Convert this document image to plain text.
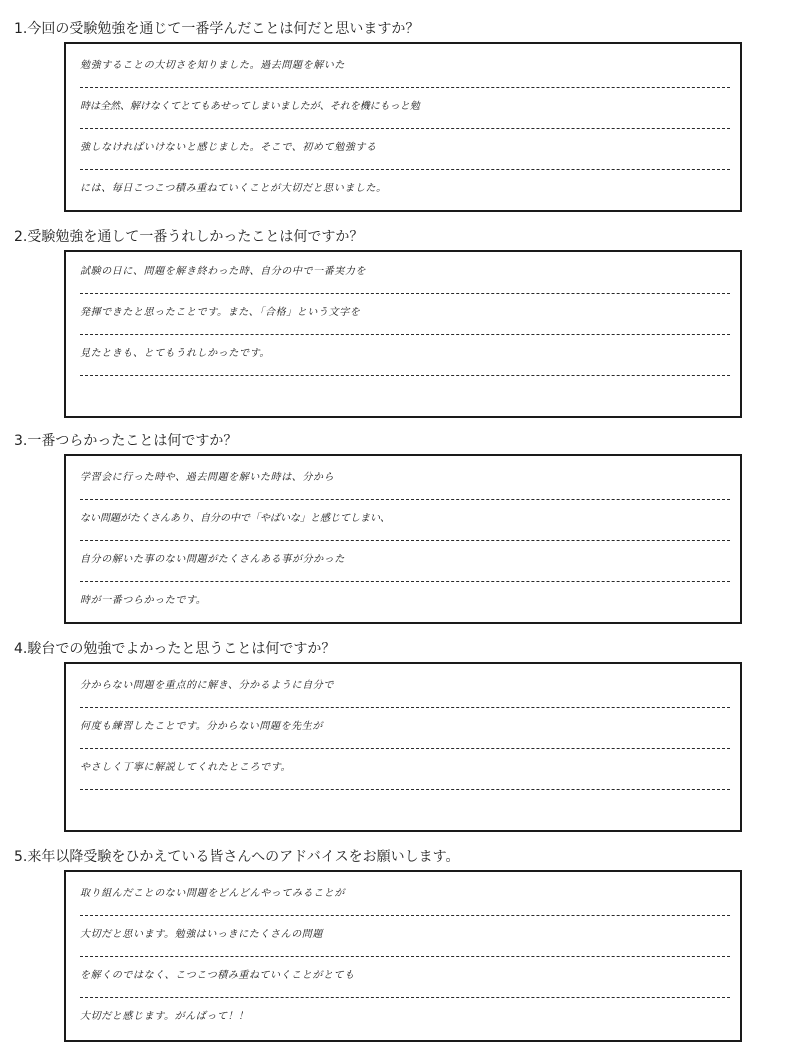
1.今回の受験勉強を通じて一番学んだことは何だと思いますか？
勉強することの大切さを知りました。過去問題を解いた
時は全然、解けなくてとてもあせってしまいましたが、それを機にもっと勉
強しなければいけないと感じました。そこで、初めて勉強する
には、毎日こつこつ積み重ねていくことが大切だと思いました。
2.受験勉強を通して一番うれしかったことは何ですか？
試験の日に、問題を解き終わった時、自分の中で一番実力を
発揮できたと思ったことです。また、「合格」という文字を
見たときも、とてもうれしかったです。
3.一番つらかったことは何ですか？
学習会に行った時や、過去問題を解いた時は、分から
ない問題がたくさんあり、自分の中で「やばいな」と感じてしまい、
自分の解いた事のない問題がたくさんある事が分かった
時が一番つらかったです。
4.駿台での勉強でよかったと思うことは何ですか？
分からない問題を重点的に解き、分かるように自分で
何度も練習したことです。分からない問題を先生が
やさしく丁寧に解説してくれたところです。
5.来年以降受験をひかえている皆さんへのアドバイスをお願いします。
取り組んだことのない問題をどんどんやってみることが
大切だと思います。勉強はいっきにたくさんの問題
を解くのではなく、こつこつ積み重ねていくことがとても
大切だと感じます。がんばって！！
